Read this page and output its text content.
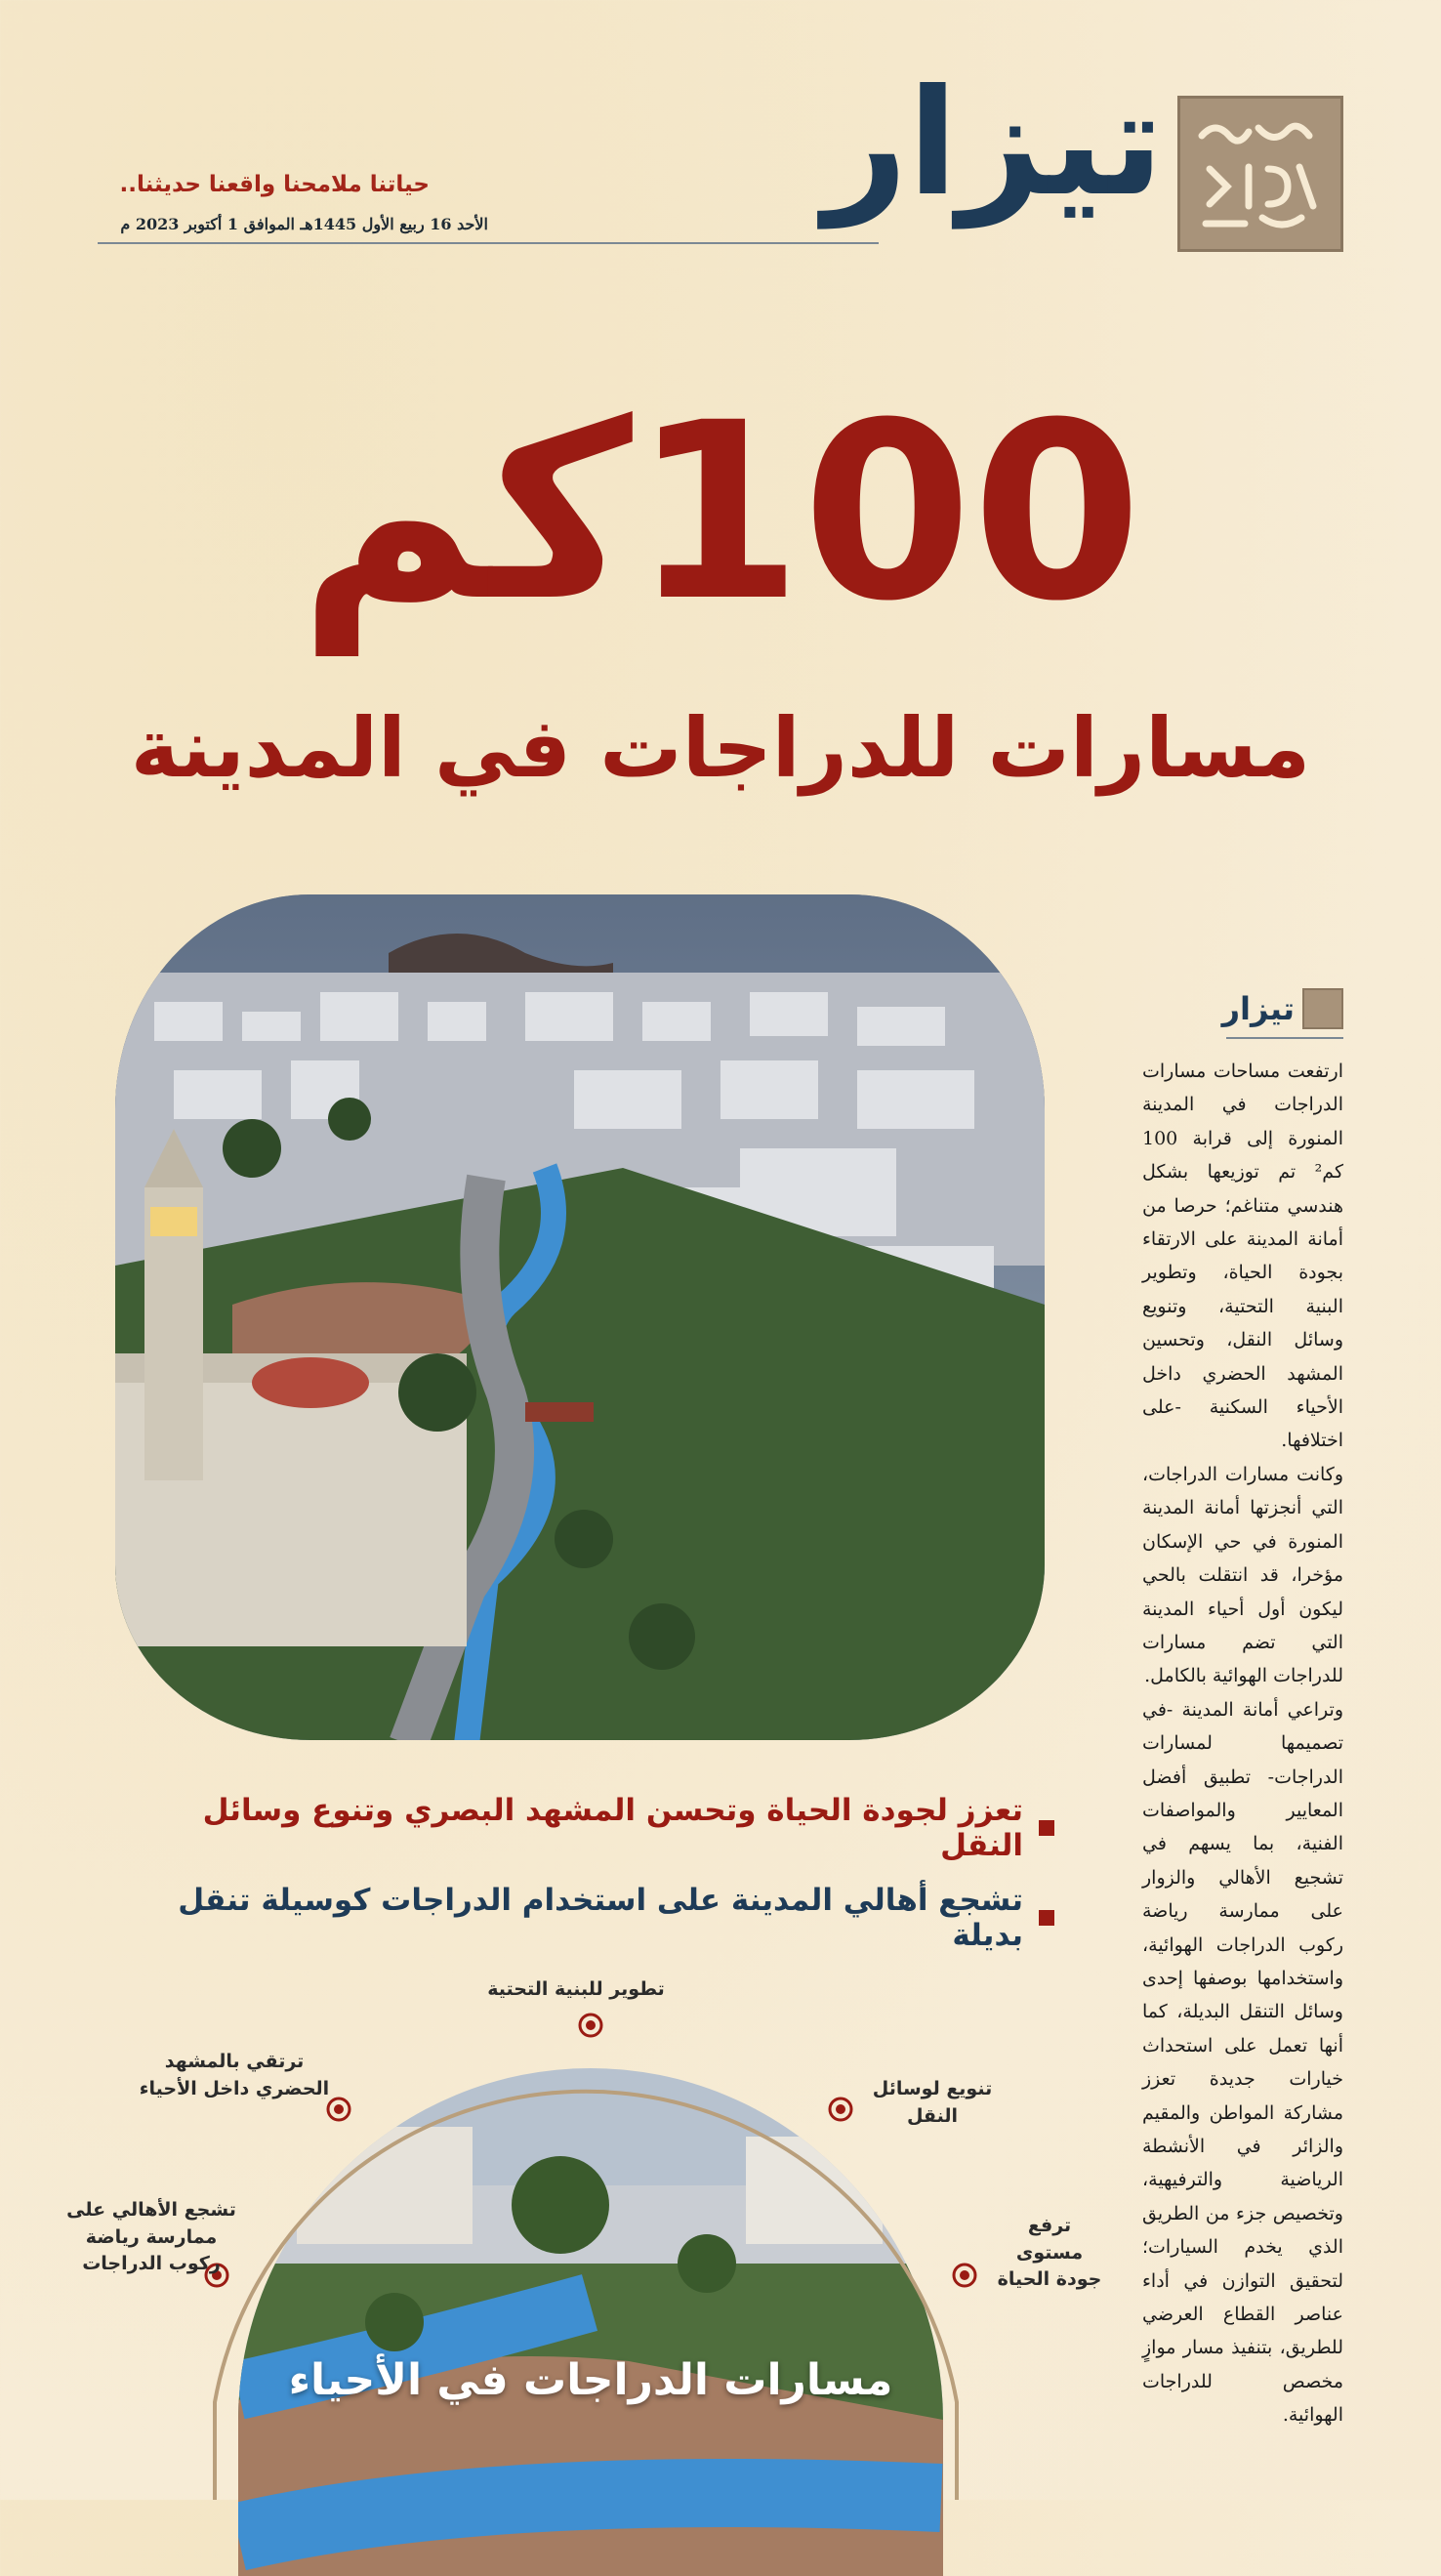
تيزار
حياتنا ملامحنا واقعنا حديثنا..
الأحد 16 ربيع الأول 1445هـ الموافق 1 أكتوبر 2023 م
100كم
مسارات للدراجات في المدينة
تيزار

ارتفعت مساحات مسارات الدراجات في المدينة المنورة إلى قرابة 100 كم² تم توزيعها بشكل هندسي متناغم؛ حرصا من أمانة المدينة على الارتقاء بجودة الحياة، وتطوير البنية التحتية، وتنويع وسائل النقل، وتحسين المشهد الحضري داخل الأحياء السكنية -على اختلافها.

وكانت مسارات الدراجات، التي أنجزتها أمانة المدينة المنورة في حي الإسكان مؤخرا، قد انتقلت بالحي ليكون أول أحياء المدينة التي تضم مسارات للدراجات الهوائية بالكامل.

وتراعي أمانة المدينة -في تصميمها لمسارات الدراجات- تطبيق أفضل المعايير والمواصفات الفنية، بما يسهم في تشجيع الأهالي والزوار على ممارسة رياضة ركوب الدراجات الهوائية، واستخدامها بوصفها إحدى وسائل التنقل البديلة، كما أنها تعمل على استحداث خيارات جديدة تعزز مشاركة المواطن والمقيم والزائر في الأنشطة الرياضية والترفيهية، وتخصيص جزء من الطريق الذي يخدم السيارات؛ لتحقيق التوازن في أداء عناصر القطاع العرضي للطريق، بتنفيذ مسار موازٍ مخصص للدراجات الهوائية.

تعزز لجودة الحياة وتحسن المشهد البصري وتنوع وسائل النقل
تشجع أهالي المدينة على استخدام الدراجات كوسيلة تنقل بديلة
مسارات الدراجات في الأحياء
تطوير للبنية التحتية
ترتقي بالمشهد الحضري داخل الأحياء	تنويع لوسائل النقل
تشجع الأهالي على ممارسة رياضة ركوب الدراجات
ترفع مستوى جودة الحياة
